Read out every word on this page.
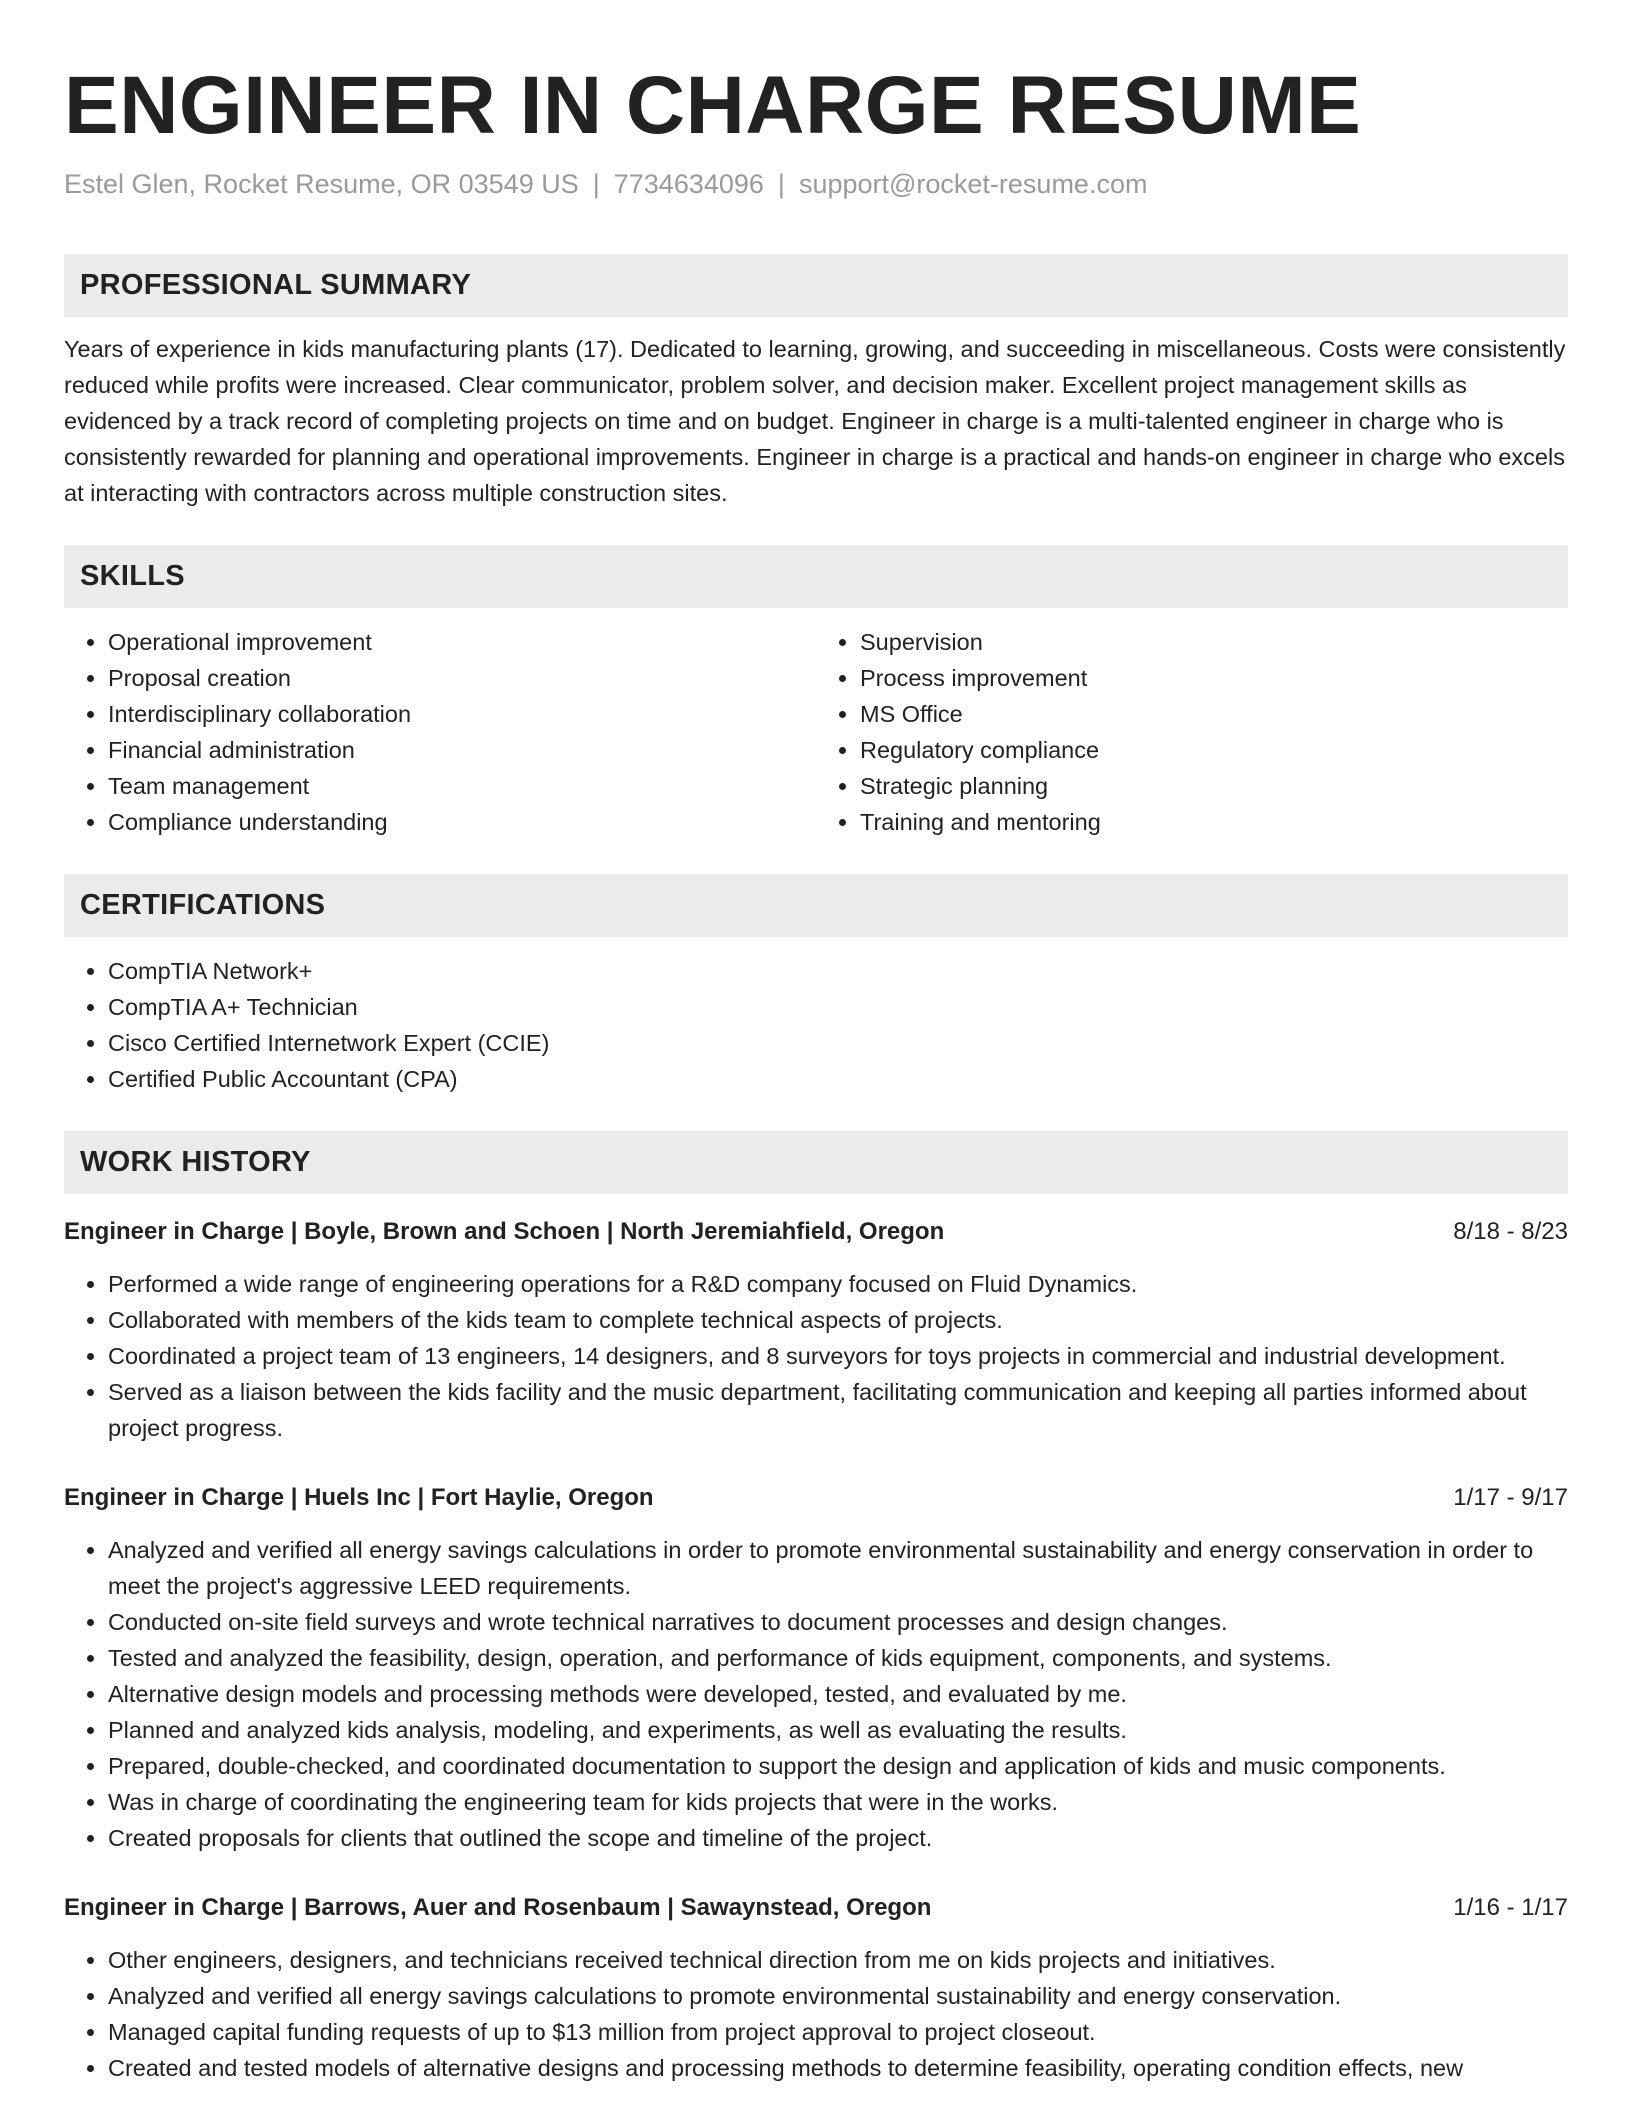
ENGINEER IN CHARGE RESUME
Estel Glen, Rocket Resume, OR 03549 US | 7734634096 | support@rocket-resume.com
PROFESSIONAL SUMMARY

Years of experience in kids manufacturing plants (17). Dedicated to learning, growing, and succeeding in miscellaneous. Costs were consistently reduced while profits were increased. Clear communicator, problem solver, and decision maker. Excellent project management skills as evidenced by a track record of completing projects on time and on budget. Engineer in charge is a multi-talented engineer in charge who is consistently rewarded for planning and operational improvements. Engineer in charge is a practical and hands-on engineer in charge who excels at interacting with contractors across multiple construction sites.

SKILLS
• Operational improvement
• Proposal creation
• Interdisciplinary collaboration
• Financial administration
• Team management
• Compliance understanding
• Supervision
• Process improvement
• MS Office
• Regulatory compliance
• Strategic planning
• Training and mentoring
CERTIFICATIONS
• CompTIA Network+
• CompTIA A+ Technician
• Cisco Certified Internetwork Expert (CCIE)
• Certified Public Accountant (CPA)
WORK HISTORY
Engineer in Charge | Boyle, Brown and Schoen | North Jeremiahfield, Oregon	8/18 - 8/23
• Performed a wide range of engineering operations for a R&D company focused on Fluid Dynamics.
• Collaborated with members of the kids team to complete technical aspects of projects.
• Coordinated a project team of 13 engineers, 14 designers, and 8 surveyors for toys projects in commercial and industrial development.
• Served as a liaison between the kids facility and the music department, facilitating communication and keeping all parties informed about project progress.
Engineer in Charge | Huels Inc | Fort Haylie, Oregon	1/17 - 9/17
• Analyzed and verified all energy savings calculations in order to promote environmental sustainability and energy conservation in order to meet the project's aggressive LEED requirements.
• Conducted on-site field surveys and wrote technical narratives to document processes and design changes.
• Tested and analyzed the feasibility, design, operation, and performance of kids equipment, components, and systems.
• Alternative design models and processing methods were developed, tested, and evaluated by me.
• Planned and analyzed kids analysis, modeling, and experiments, as well as evaluating the results.
• Prepared, double-checked, and coordinated documentation to support the design and application of kids and music components.
• Was in charge of coordinating the engineering team for kids projects that were in the works.
• Created proposals for clients that outlined the scope and timeline of the project.
Engineer in Charge | Barrows, Auer and Rosenbaum | Sawaynstead, Oregon	1/16 - 1/17
• Other engineers, designers, and technicians received technical direction from me on kids projects and initiatives.
• Analyzed and verified all energy savings calculations to promote environmental sustainability and energy conservation.
• Managed capital funding requests of up to $13 million from project approval to project closeout.
• Created and tested models of alternative designs and processing methods to determine feasibility, operating condition effects, new
